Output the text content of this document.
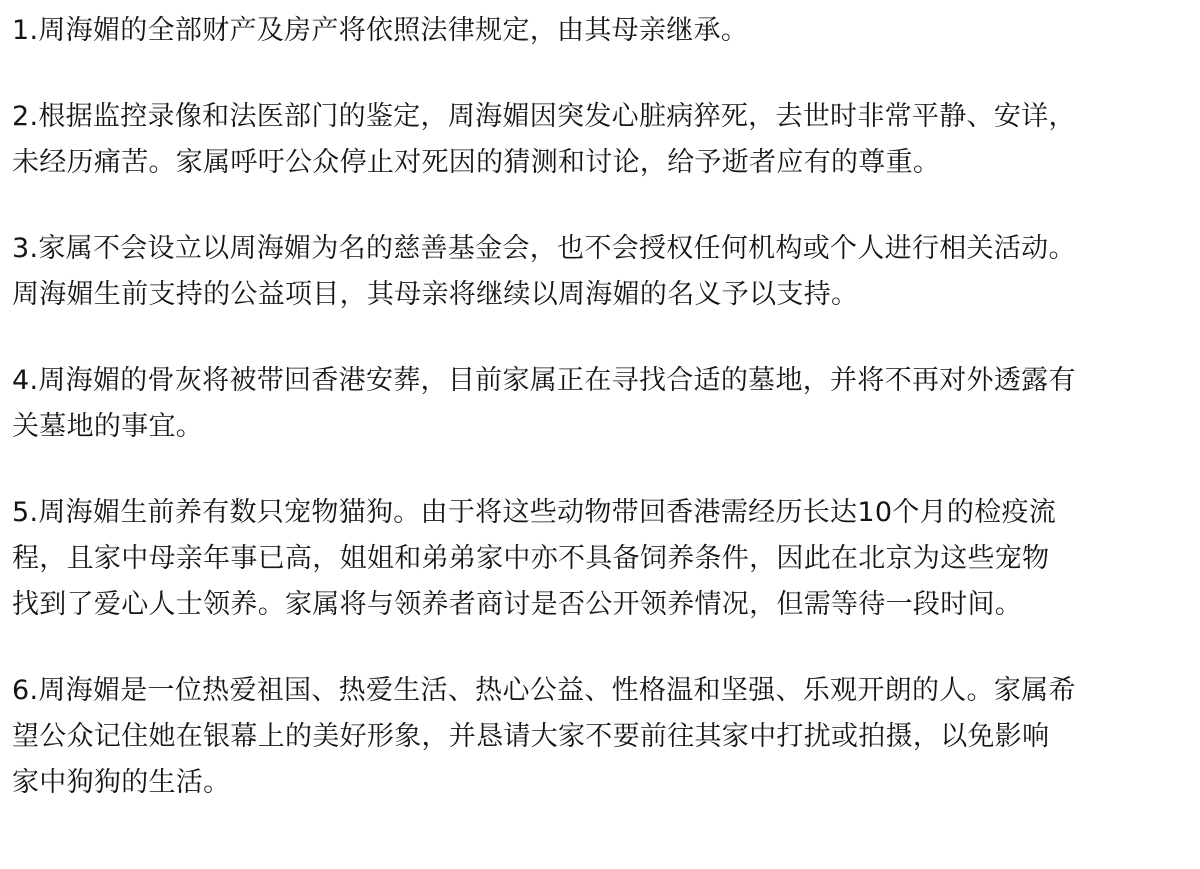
1.周海媚的全部财产及房产将依照法律规定，由其母亲继承。

2.根据监控录像和法医部门的鉴定，周海媚因突发心脏病猝死，去世时非常平静、安详，
未经历痛苦。家属呼吁公众停止对死因的猜测和讨论，给予逝者应有的尊重。

3.家属不会设立以周海媚为名的慈善基金会，也不会授权任何机构或个人进行相关活动。
周海媚生前支持的公益项目，其母亲将继续以周海媚的名义予以支持。

4.周海媚的骨灰将被带回香港安葬，目前家属正在寻找合适的墓地，并将不再对外透露有
关墓地的事宜。

5.周海媚生前养有数只宠物猫狗。由于将这些动物带回香港需经历长达10个月的检疫流
程，且家中母亲年事已高，姐姐和弟弟家中亦不具备饲养条件，因此在北京为这些宠物
找到了爱心人士领养。家属将与领养者商讨是否公开领养情况，但需等待一段时间。

6.周海媚是一位热爱祖国、热爱生活、热心公益、性格温和坚强、乐观开朗的人。家属希
望公众记住她在银幕上的美好形象，并恳请大家不要前往其家中打扰或拍摄，以免影响
家中狗狗的生活。
